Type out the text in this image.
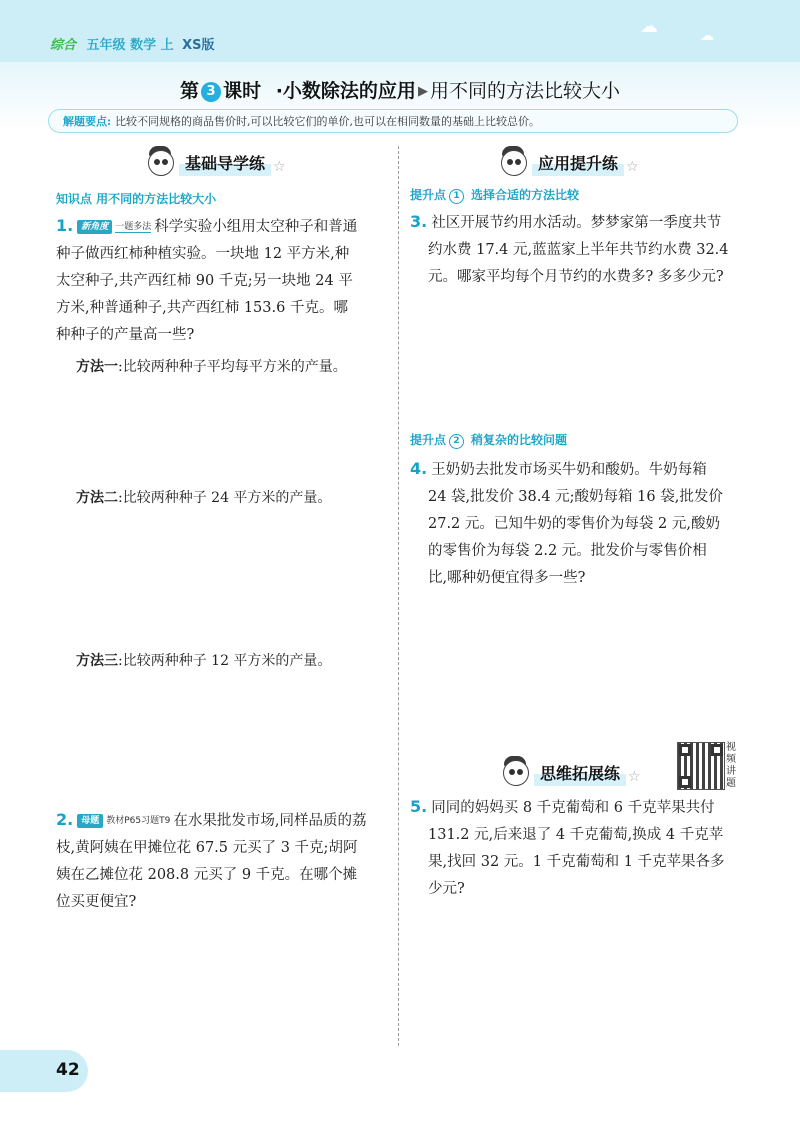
☁	☁
综合 五年级 数学 上 XS版
第 3 课时 ·小数除法的应用 ▶ 用不同的方法比较大小
解题要点: 比较不同规格的商品售价时,可以比较它们的单价,也可以在相同数量的基础上比较总价。
基础导学练 ☆
知识点 用不同的方法比较大小
1. 新角度 一题多法 科学实验小组用太空种子和普通
种子做西红柿种植实验。一块地 12 平方米,种
太空种子,共产西红柿 90 千克;另一块地 24 平
方米,种普通种子,共产西红柿 153.6 千克。哪
种种子的产量高一些?
方法一:比较两种种子平均每平方米的产量。
方法二:比较两种种子 24 平方米的产量。
方法三:比较两种种子 12 平方米的产量。
2. 母题 教材P65习题T9 在水果批发市场,同样品质的荔
枝,黄阿姨在甲摊位花 67.5 元买了 3 千克;胡阿
姨在乙摊位花 208.8 元买了 9 千克。在哪个摊
位买更便宜?
应用提升练 ☆
提升点 1 选择合适的方法比较
3. 社区开展节约用水活动。梦梦家第一季度共节
约水费 17.4 元,蓝蓝家上半年共节约水费 32.4
元。哪家平均每个月节约的水费多? 多多少元?
提升点 2 稍复杂的比较问题
4. 王奶奶去批发市场买牛奶和酸奶。牛奶每箱
24 袋,批发价 38.4 元;酸奶每箱 16 袋,批发价
27.2 元。已知牛奶的零售价为每袋 2 元,酸奶
的零售价为每袋 2.2 元。批发价与零售价相
比,哪种奶便宜得多一些?
思维拓展练 ☆
视频讲题
5. 同同的妈妈买 8 千克葡萄和 6 千克苹果共付
131.2 元,后来退了 4 千克葡萄,换成 4 千克苹
果,找回 32 元。1 千克葡萄和 1 千克苹果各多
少元?
42
